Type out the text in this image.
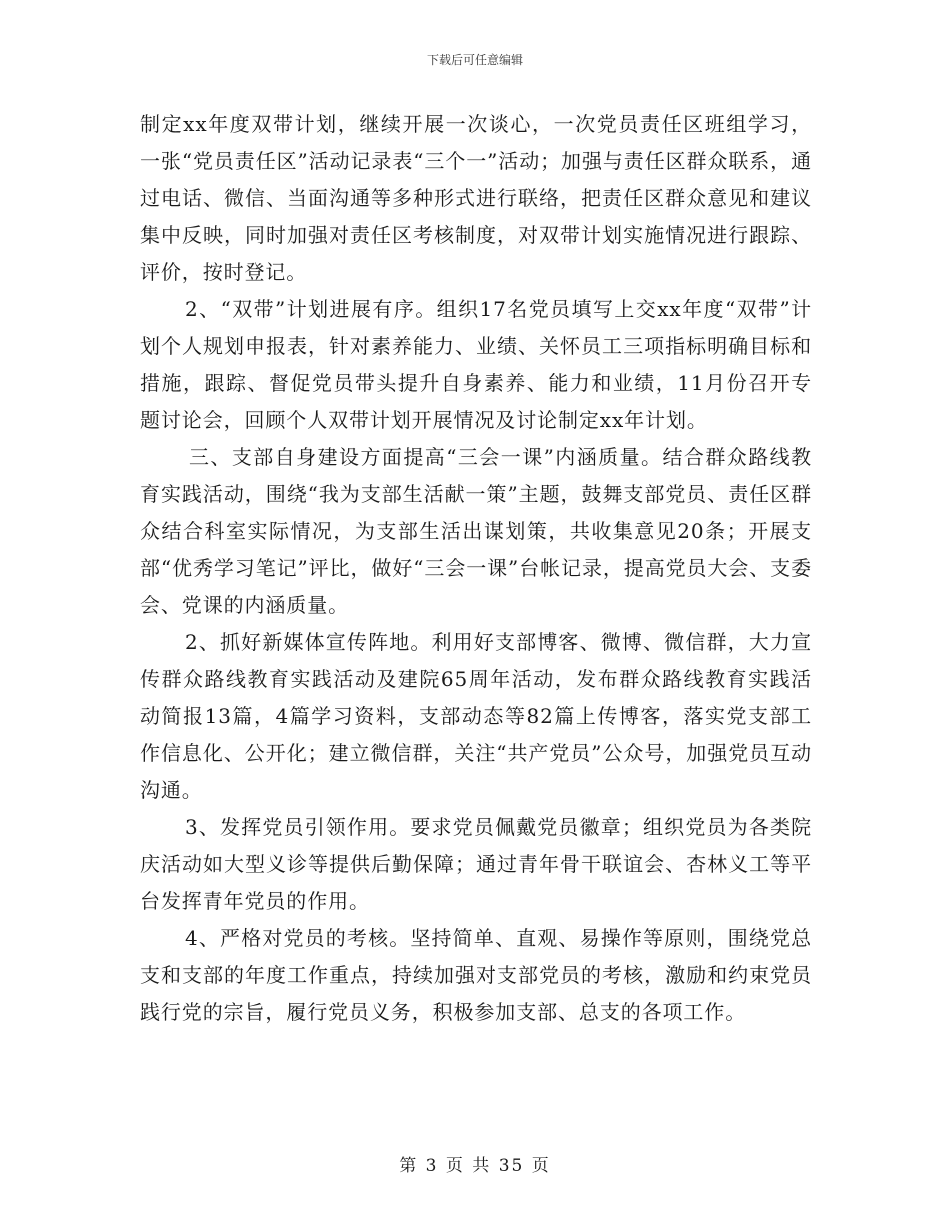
下载后可任意编辑

制定xx年度双带计划，继续开展一次谈心，一次党员责任区班组学习，一张“党员责任区”活动记录表“三个一”活动；加强与责任区群众联系，通过电话、微信、当面沟通等多种形式进行联络，把责任区群众意见和建议集中反映，同时加强对责任区考核制度，对双带计划实施情况进行跟踪、评价，按时登记。

2、“双带”计划进展有序。组织17名党员填写上交xx年度“双带”计划个人规划申报表，针对素养能力、业绩、关怀员工三项指标明确目标和措施，跟踪、督促党员带头提升自身素养、能力和业绩，11月份召开专题讨论会，回顾个人双带计划开展情况及讨论制定xx年计划。

三、支部自身建设方面提高“三会一课”内涵质量。结合群众路线教育实践活动，围绕“我为支部生活献一策”主题，鼓舞支部党员、责任区群众结合科室实际情况，为支部生活出谋划策，共收集意见20条；开展支部“优秀学习笔记”评比，做好“三会一课”台帐记录，提高党员大会、支委会、党课的内涵质量。

2、抓好新媒体宣传阵地。利用好支部博客、微博、微信群，大力宣传群众路线教育实践活动及建院65周年活动，发布群众路线教育实践活动简报13篇，4篇学习资料，支部动态等82篇上传博客，落实党支部工作信息化、公开化；建立微信群，关注“共产党员”公众号，加强党员互动沟通。

3、发挥党员引领作用。要求党员佩戴党员徽章；组织党员为各类院庆活动如大型义诊等提供后勤保障；通过青年骨干联谊会、杏林义工等平台发挥青年党员的作用。

4、严格对党员的考核。坚持简单、直观、易操作等原则，围绕党总支和支部的年度工作重点，持续加强对支部党员的考核，激励和约束党员践行党的宗旨，履行党员义务，积极参加支部、总支的各项工作。

第 3 页 共 35 页
